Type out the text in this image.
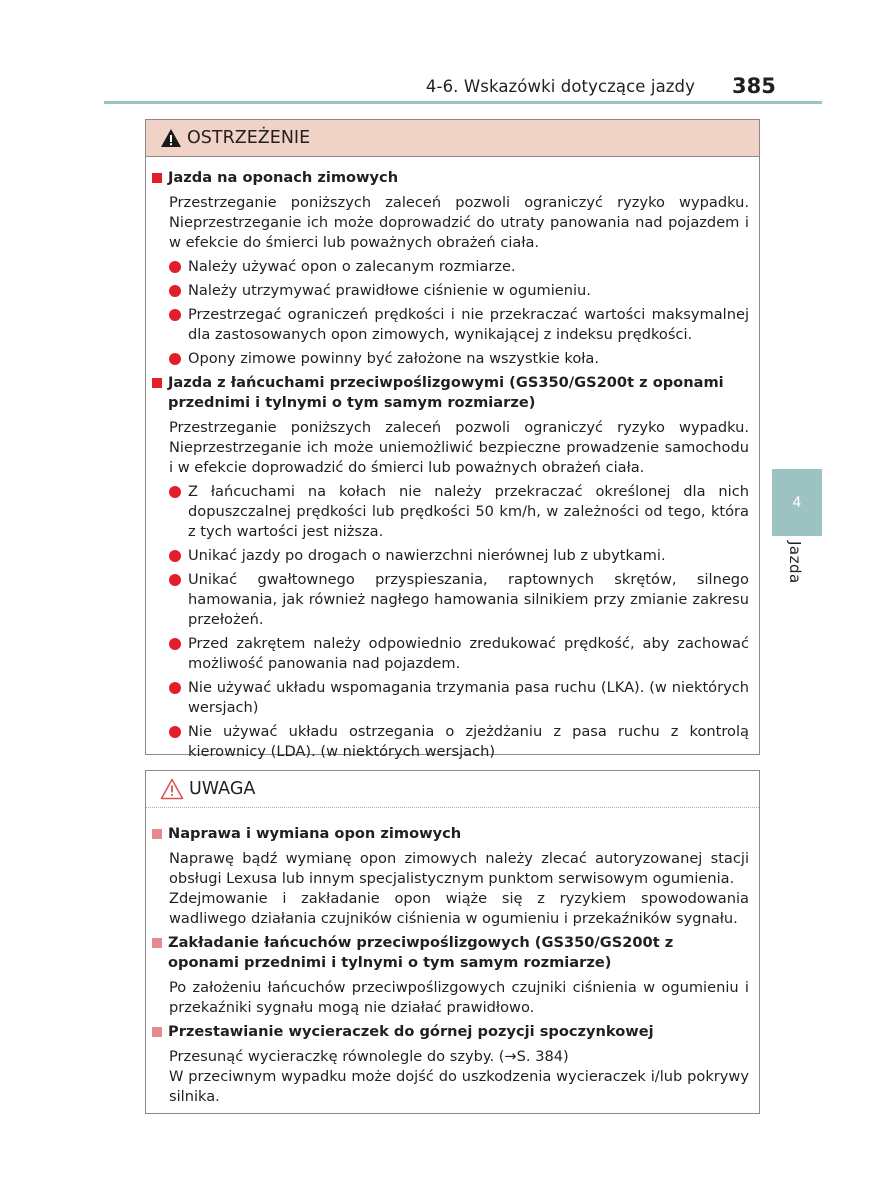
4-6. Wskazówki dotyczące jazdy 385
4
Jazda
OSTRZEŻENIE
Jazda na oponach zimowych
Przestrzeganie poniższych zaleceń pozwoli ograniczyć ryzyko wypadku. Nieprzestrzeganie ich może doprowadzić do utraty panowania nad pojazdem i w efekcie do śmierci lub poważnych obrażeń ciała.
Należy używać opon o zalecanym rozmiarze.
Należy utrzymywać prawidłowe ciśnienie w ogumieniu.
Przestrzegać ograniczeń prędkości i nie przekraczać wartości maksymalnej dla zastosowanych opon zimowych, wynikającej z indeksu prędkości.
Opony zimowe powinny być założone na wszystkie koła.
Jazda z łańcuchami przeciwpoślizgowymi (GS350/GS200t z oponami przednimi i tylnymi o tym samym rozmiarze)
Przestrzeganie poniższych zaleceń pozwoli ograniczyć ryzyko wypadku. Nieprzestrzeganie ich może uniemożliwić bezpieczne prowadzenie samochodu i w efekcie doprowadzić do śmierci lub poważnych obrażeń ciała.
Z łańcuchami na kołach nie należy przekraczać określonej dla nich dopuszczalnej prędkości lub prędkości 50 km/h, w zależności od tego, która z tych wartości jest niższa.
Unikać jazdy po drogach o nawierzchni nierównej lub z ubytkami.
Unikać gwałtownego przyspieszania, raptownych skrętów, silnego hamowania, jak również nagłego hamowania silnikiem przy zmianie zakresu przełożeń.
Przed zakrętem należy odpowiednio zredukować prędkość, aby zachować możliwość panowania nad pojazdem.
Nie używać układu wspomagania trzymania pasa ruchu (LKA). (w niektórych wersjach)
Nie używać układu ostrzegania o zjeżdżaniu z pasa ruchu z kontrolą kierownicy (LDA). (w niektórych wersjach)
UWAGA
Naprawa i wymiana opon zimowych
Naprawę bądź wymianę opon zimowych należy zlecać autoryzowanej stacji obsługi Lexusa lub innym specjalistycznym punktom serwisowym ogumienia.
Zdejmowanie i zakładanie opon wiąże się z ryzykiem spowodowania wadliwego działania czujników ciśnienia w ogumieniu i przekaźników sygnału.
Zakładanie łańcuchów przeciwpoślizgowych (GS350/GS200t z oponami przednimi i tylnymi o tym samym rozmiarze)
Po założeniu łańcuchów przeciwpoślizgowych czujniki ciśnienia w ogumieniu i przekaźniki sygnału mogą nie działać prawidłowo.
Przestawianie wycieraczek do górnej pozycji spoczynkowej
Przesunąć wycieraczkę równolegle do szyby. (→S. 384)
W przeciwnym wypadku może dojść do uszkodzenia wycieraczek i/lub pokrywy silnika.
